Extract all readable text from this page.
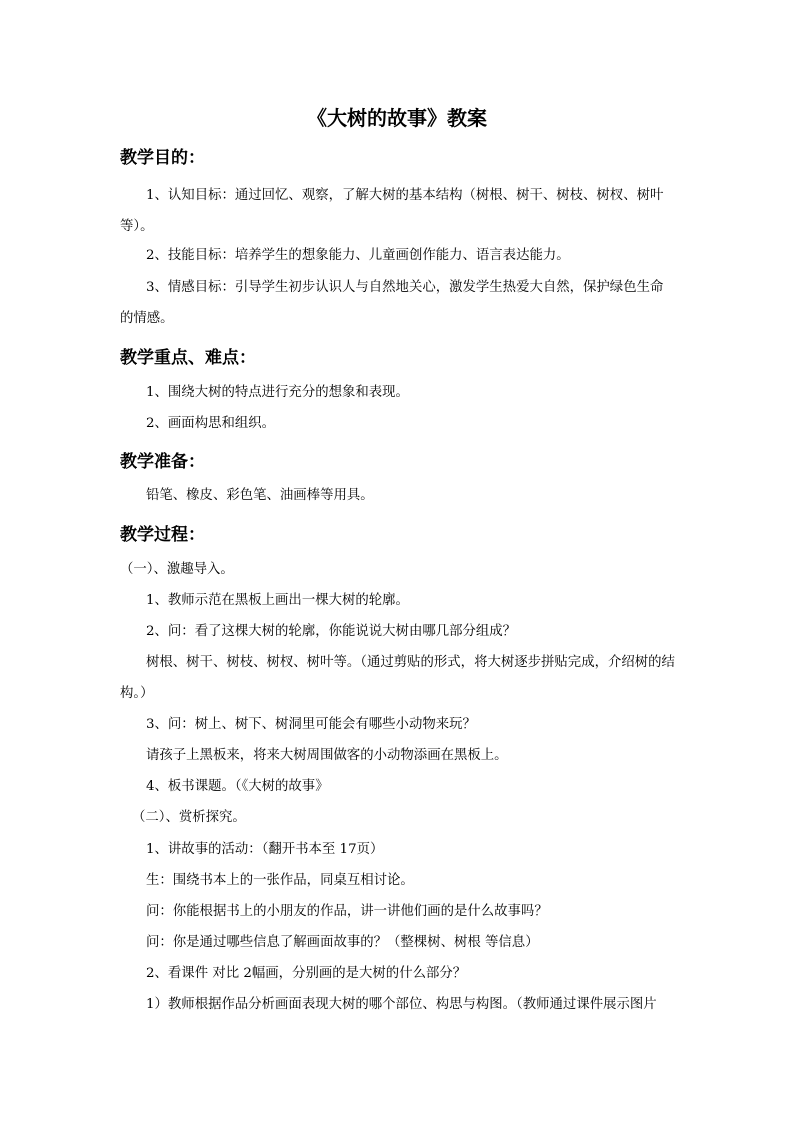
《大树的故事》教案
教学目的：
1、认知目标：通过回忆、观察，了解大树的基本结构（树根、树干、树枝、树杈、树叶等）。
2、技能目标：培养学生的想象能力、儿童画创作能力、语言表达能力。
3、情感目标：引导学生初步认识人与自然地关心，激发学生热爱大自然，保护绿色生命的情感。
教学重点、难点：
1、围绕大树的特点进行充分的想象和表现。
2、画面构思和组织。
教学准备：
铅笔、橡皮、彩色笔、油画棒等用具。
教学过程：
（一）、激趣导入。
1、教师示范在黑板上画出一棵大树的轮廓。
2、问：看了这棵大树的轮廓，你能说说大树由哪几部分组成？
树根、树干、树枝、树杈、树叶等。（通过剪贴的形式，将大树逐步拼贴完成，介绍树的结构。）
3、问：树上、树下、树洞里可能会有哪些小动物来玩？
请孩子上黑板来，将来大树周围做客的小动物添画在黑板上。
4、板书课题。（《大树的故事》
（二）、赏析探究。
1、讲故事的活动：（翻开书本至 17页）
生：围绕书本上的一张作品，同桌互相讨论。
问：你能根据书上的小朋友的作品，讲一讲他们画的是什么故事吗？
问：你是通过哪些信息了解画面故事的？（整棵树、树根 等信息）
2、看课件 对比 2幅画，分别画的是大树的什么部分？
1）教师根据作品分析画面表现大树的哪个部位、构思与构图。（教师通过课件展示图片
